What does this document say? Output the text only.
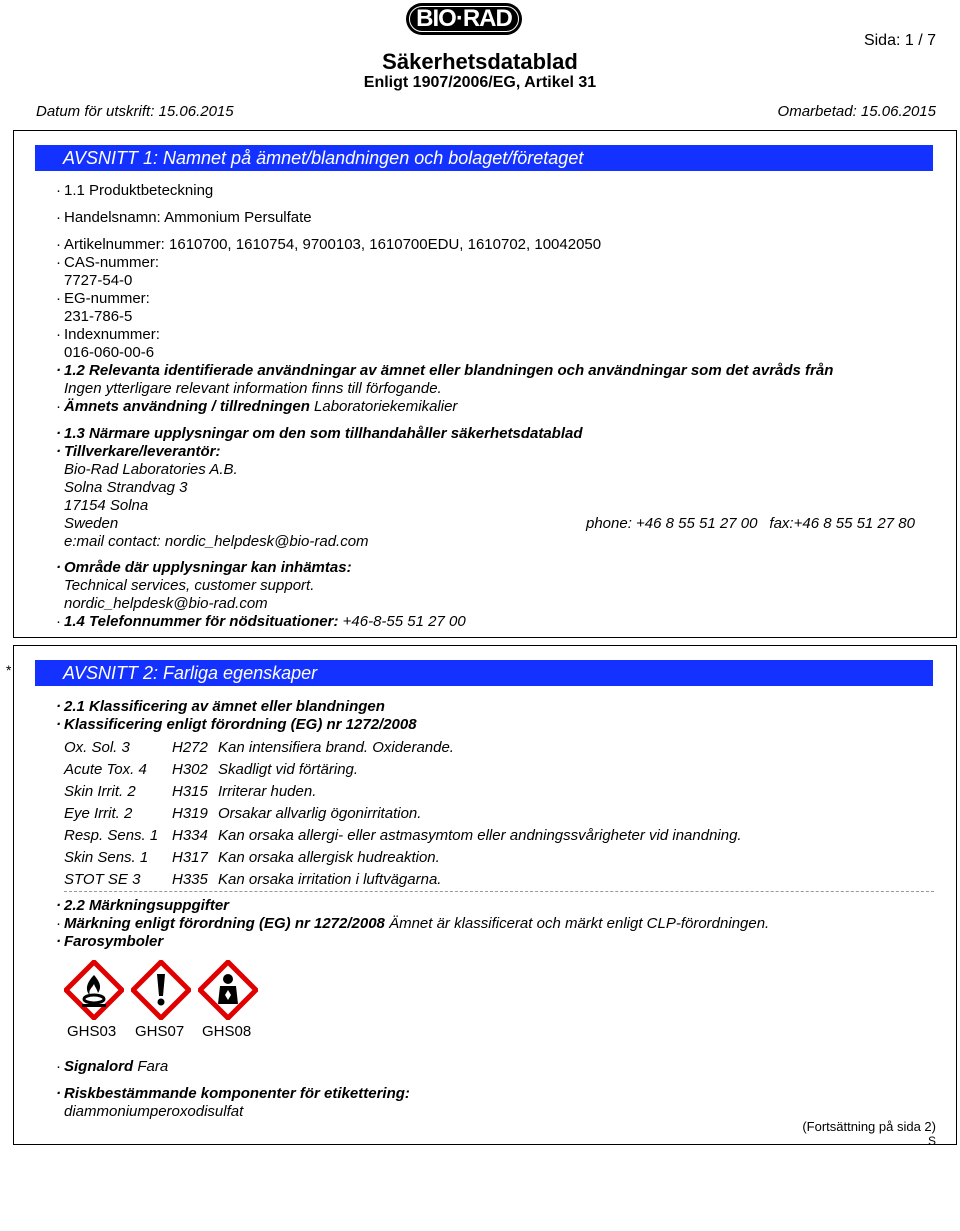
BIO·RAD
Sida: 1 / 7
Säkerhetsdatablad
Enligt 1907/2006/EG, Artikel 31
Datum för utskrift: 15.06.2015	Omarbetad: 15.06.2015
AVSNITT 1: Namnet på ämnet/blandningen och bolaget/företaget
· 1.1 Produktbeteckning
· Handelsnamn: Ammonium Persulfate
· Artikelnummer: 1610700, 1610754, 9700103, 1610700EDU, 1610702, 10042050
· CAS-nummer:
7727-54-0
· EG-nummer:
231-786-5
· Indexnummer:
016-060-00-6
· 1.2 Relevanta identifierade användningar av ämnet eller blandningen och användningar som det avråds från
Ingen ytterligare relevant information finns till förfogande.
· Ämnets användning / tillredningen Laboratoriekemikalier
· 1.3 Närmare upplysningar om den som tillhandahåller säkerhetsdatablad
· Tillverkare/leverantör:
Bio-Rad Laboratories A.B.
Solna Strandvag 3
17154 Solna
Sweden	phone: +46 8 55 51 27 00 fax:+46 8 55 51 27 80
e:mail contact: nordic_helpdesk@bio-rad.com
· Område där upplysningar kan inhämtas:
Technical services, customer support.
nordic_helpdesk@bio-rad.com
· 1.4 Telefonnummer för nödsituationer: +46-8-55 51 27 00
*	AVSNITT 2: Farliga egenskaper
· 2.1 Klassificering av ämnet eller blandningen
· Klassificering enligt förordning (EG) nr 1272/2008
Ox. Sol. 3	H272 Kan intensifiera brand. Oxiderande.
Acute Tox. 4 H302 Skadligt vid förtäring.
Skin Irrit. 2 H315 Irriterar huden.
Eye Irrit. 2	H319 Orsakar allvarlig ögonirritation.
Resp. Sens. 1 H334 Kan orsaka allergi- eller astmasymtom eller andningssvårigheter vid inandning.
Skin Sens. 1 H317 Kan orsaka allergisk hudreaktion.
STOT SE 3 H335 Kan orsaka irritation i luftvägarna.
· 2.2 Märkningsuppgifter
· Märkning enligt förordning (EG) nr 1272/2008 Ämnet är klassificerat och märkt enligt CLP-förordningen.
· Farosymboler
GHS03 GHS07 GHS08
· Signalord Fara
· Riskbestämmande komponenter för etikettering:
diammoniumperoxodisulfat
(Fortsättning på sida 2)
S
